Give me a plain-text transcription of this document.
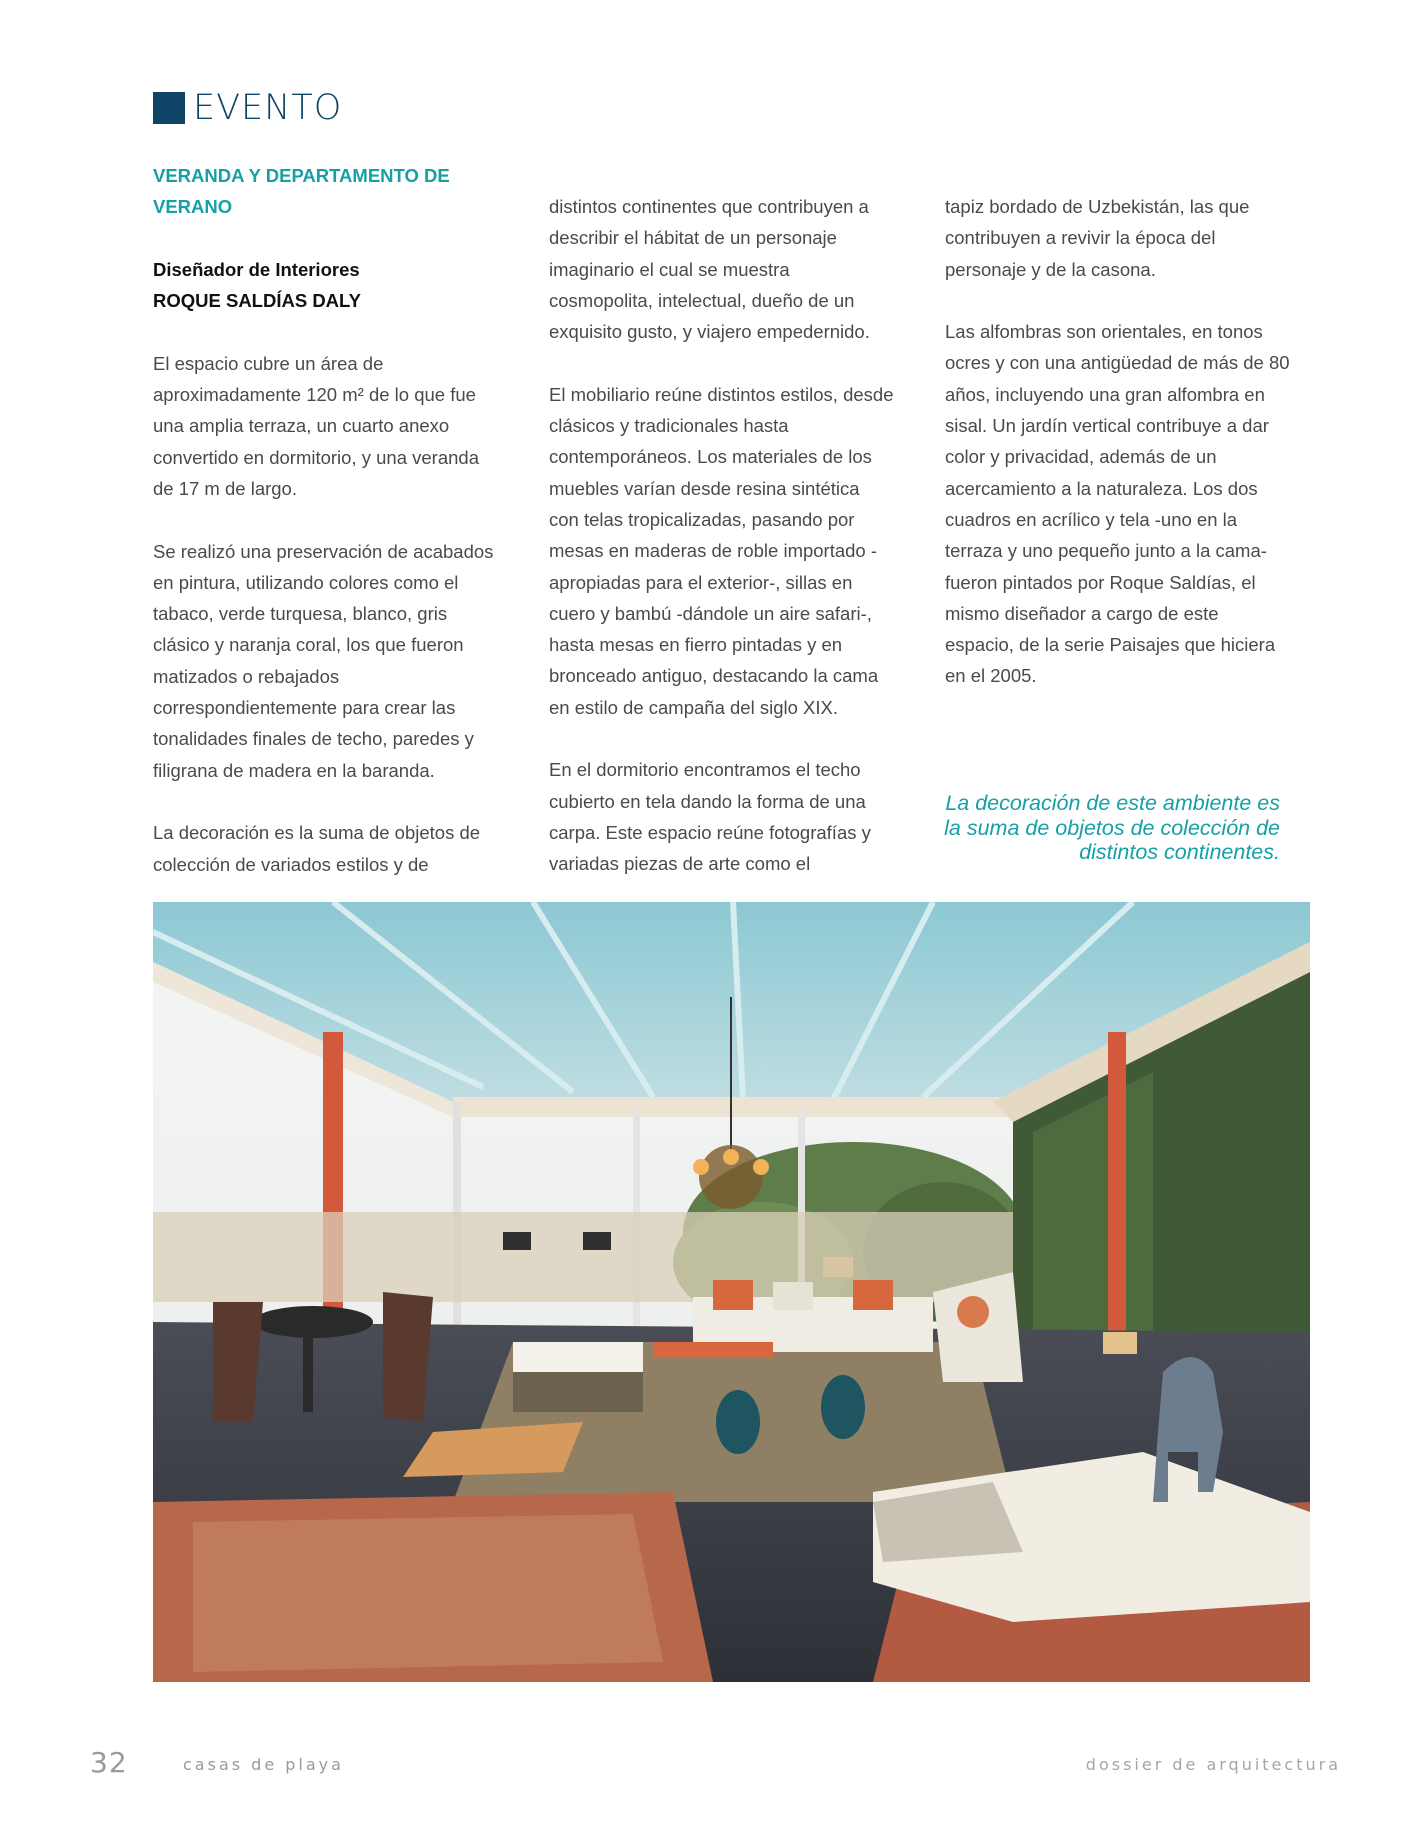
EVENTO
VERANDA Y DEPARTAMENTO DE
VERANO
Diseñador de Interiores
ROQUE SALDÍAS DALY

El espacio cubre un área de aproximadamente 120 m² de lo que fue una amplia terraza, un cuarto anexo convertido en dormitorio, y una veranda de 17 m de largo.

Se realizó una preservación de acabados en pintura, utilizando colores como el tabaco, verde turquesa, blanco, gris clásico y naranja coral, los que fueron matizados o rebajados correspondientemente para crear las tonalidades finales de techo, paredes y filigrana de madera en la baranda.

La decoración es la suma de objetos de colección de variados estilos y de

distintos continentes que contribuyen a describir el hábitat de un personaje imaginario el cual se muestra cosmopolita, intelectual, dueño de un exquisito gusto, y viajero empedernido.

El mobiliario reúne distintos estilos, desde clásicos y tradicionales hasta contemporáneos. Los materiales de los muebles varían desde resina sintética con telas tropicalizadas, pasando por mesas en maderas de roble importado -apropiadas para el exterior-, sillas en cuero y bambú -dándole un aire safari-, hasta mesas en fierro pintadas y en bronceado antiguo, destacando la cama en estilo de campaña del siglo XIX.

En el dormitorio encontramos el techo cubierto en tela dando la forma de una carpa. Este espacio reúne fotografías y variadas piezas de arte como el

tapiz bordado de Uzbekistán, las que contribuyen a revivir la época del personaje y de la casona.

Las alfombras son orientales, en tonos ocres y con una antigüedad de más de 80 años, incluyendo una gran alfombra en sisal. Un jardín vertical contribuye a dar color y privacidad, además de un acercamiento a la naturaleza. Los dos cuadros en acrílico y tela -uno en la terraza y uno pequeño junto a la cama- fueron pintados por Roque Saldías, el mismo diseñador a cargo de este espacio, de la serie Paisajes que hiciera en el 2005.

La decoración de este ambiente es la suma de objetos de colección de distintos continentes.
32	casas de playa	dossier de arquitectura
